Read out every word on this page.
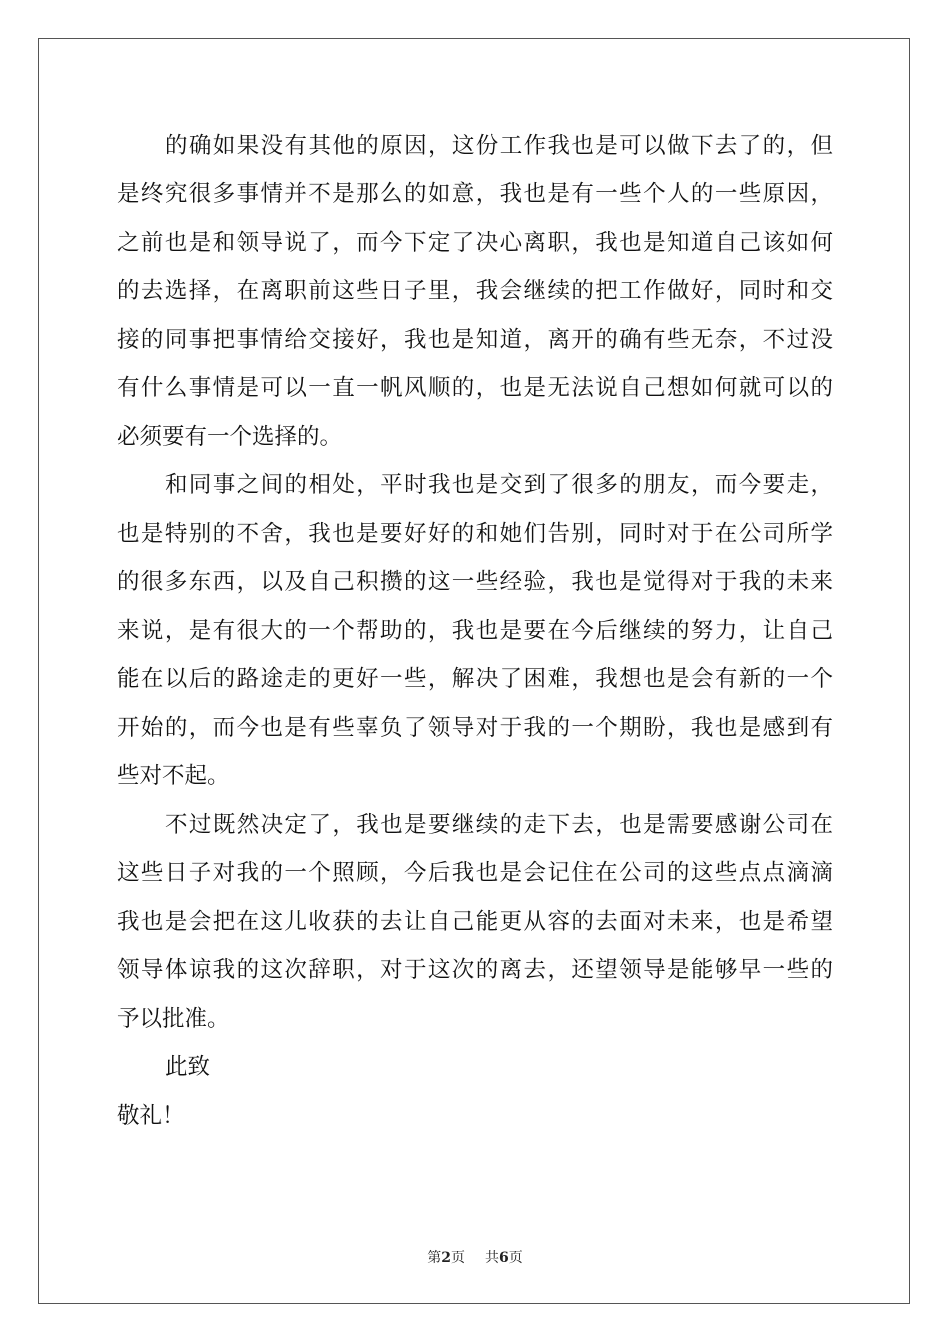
的确如果没有其他的原因，这份工作我也是可以做下去了的，但
是终究很多事情并不是那么的如意，我也是有一些个人的一些原因，
之前也是和领导说了，而今下定了决心离职，我也是知道自己该如何
的去选择，在离职前这些日子里，我会继续的把工作做好，同时和交
接的同事把事情给交接好，我也是知道，离开的确有些无奈，不过没
有什么事情是可以一直一帆风顺的，也是无法说自己想如何就可以的
必须要有一个选择的。
和同事之间的相处，平时我也是交到了很多的朋友，而今要走，
也是特别的不舍，我也是要好好的和她们告别，同时对于在公司所学
的很多东西，以及自己积攒的这一些经验，我也是觉得对于我的未来
来说，是有很大的一个帮助的，我也是要在今后继续的努力，让自己
能在以后的路途走的更好一些，解决了困难，我想也是会有新的一个
开始的，而今也是有些辜负了领导对于我的一个期盼，我也是感到有
些对不起。
不过既然决定了，我也是要继续的走下去，也是需要感谢公司在
这些日子对我的一个照顾，今后我也是会记住在公司的这些点点滴滴
我也是会把在这儿收获的去让自己能更从容的去面对未来，也是希望
领导体谅我的这次辞职，对于这次的离去，还望领导是能够早一些的
予以批准。
此致
敬礼！
第2页 共6页
